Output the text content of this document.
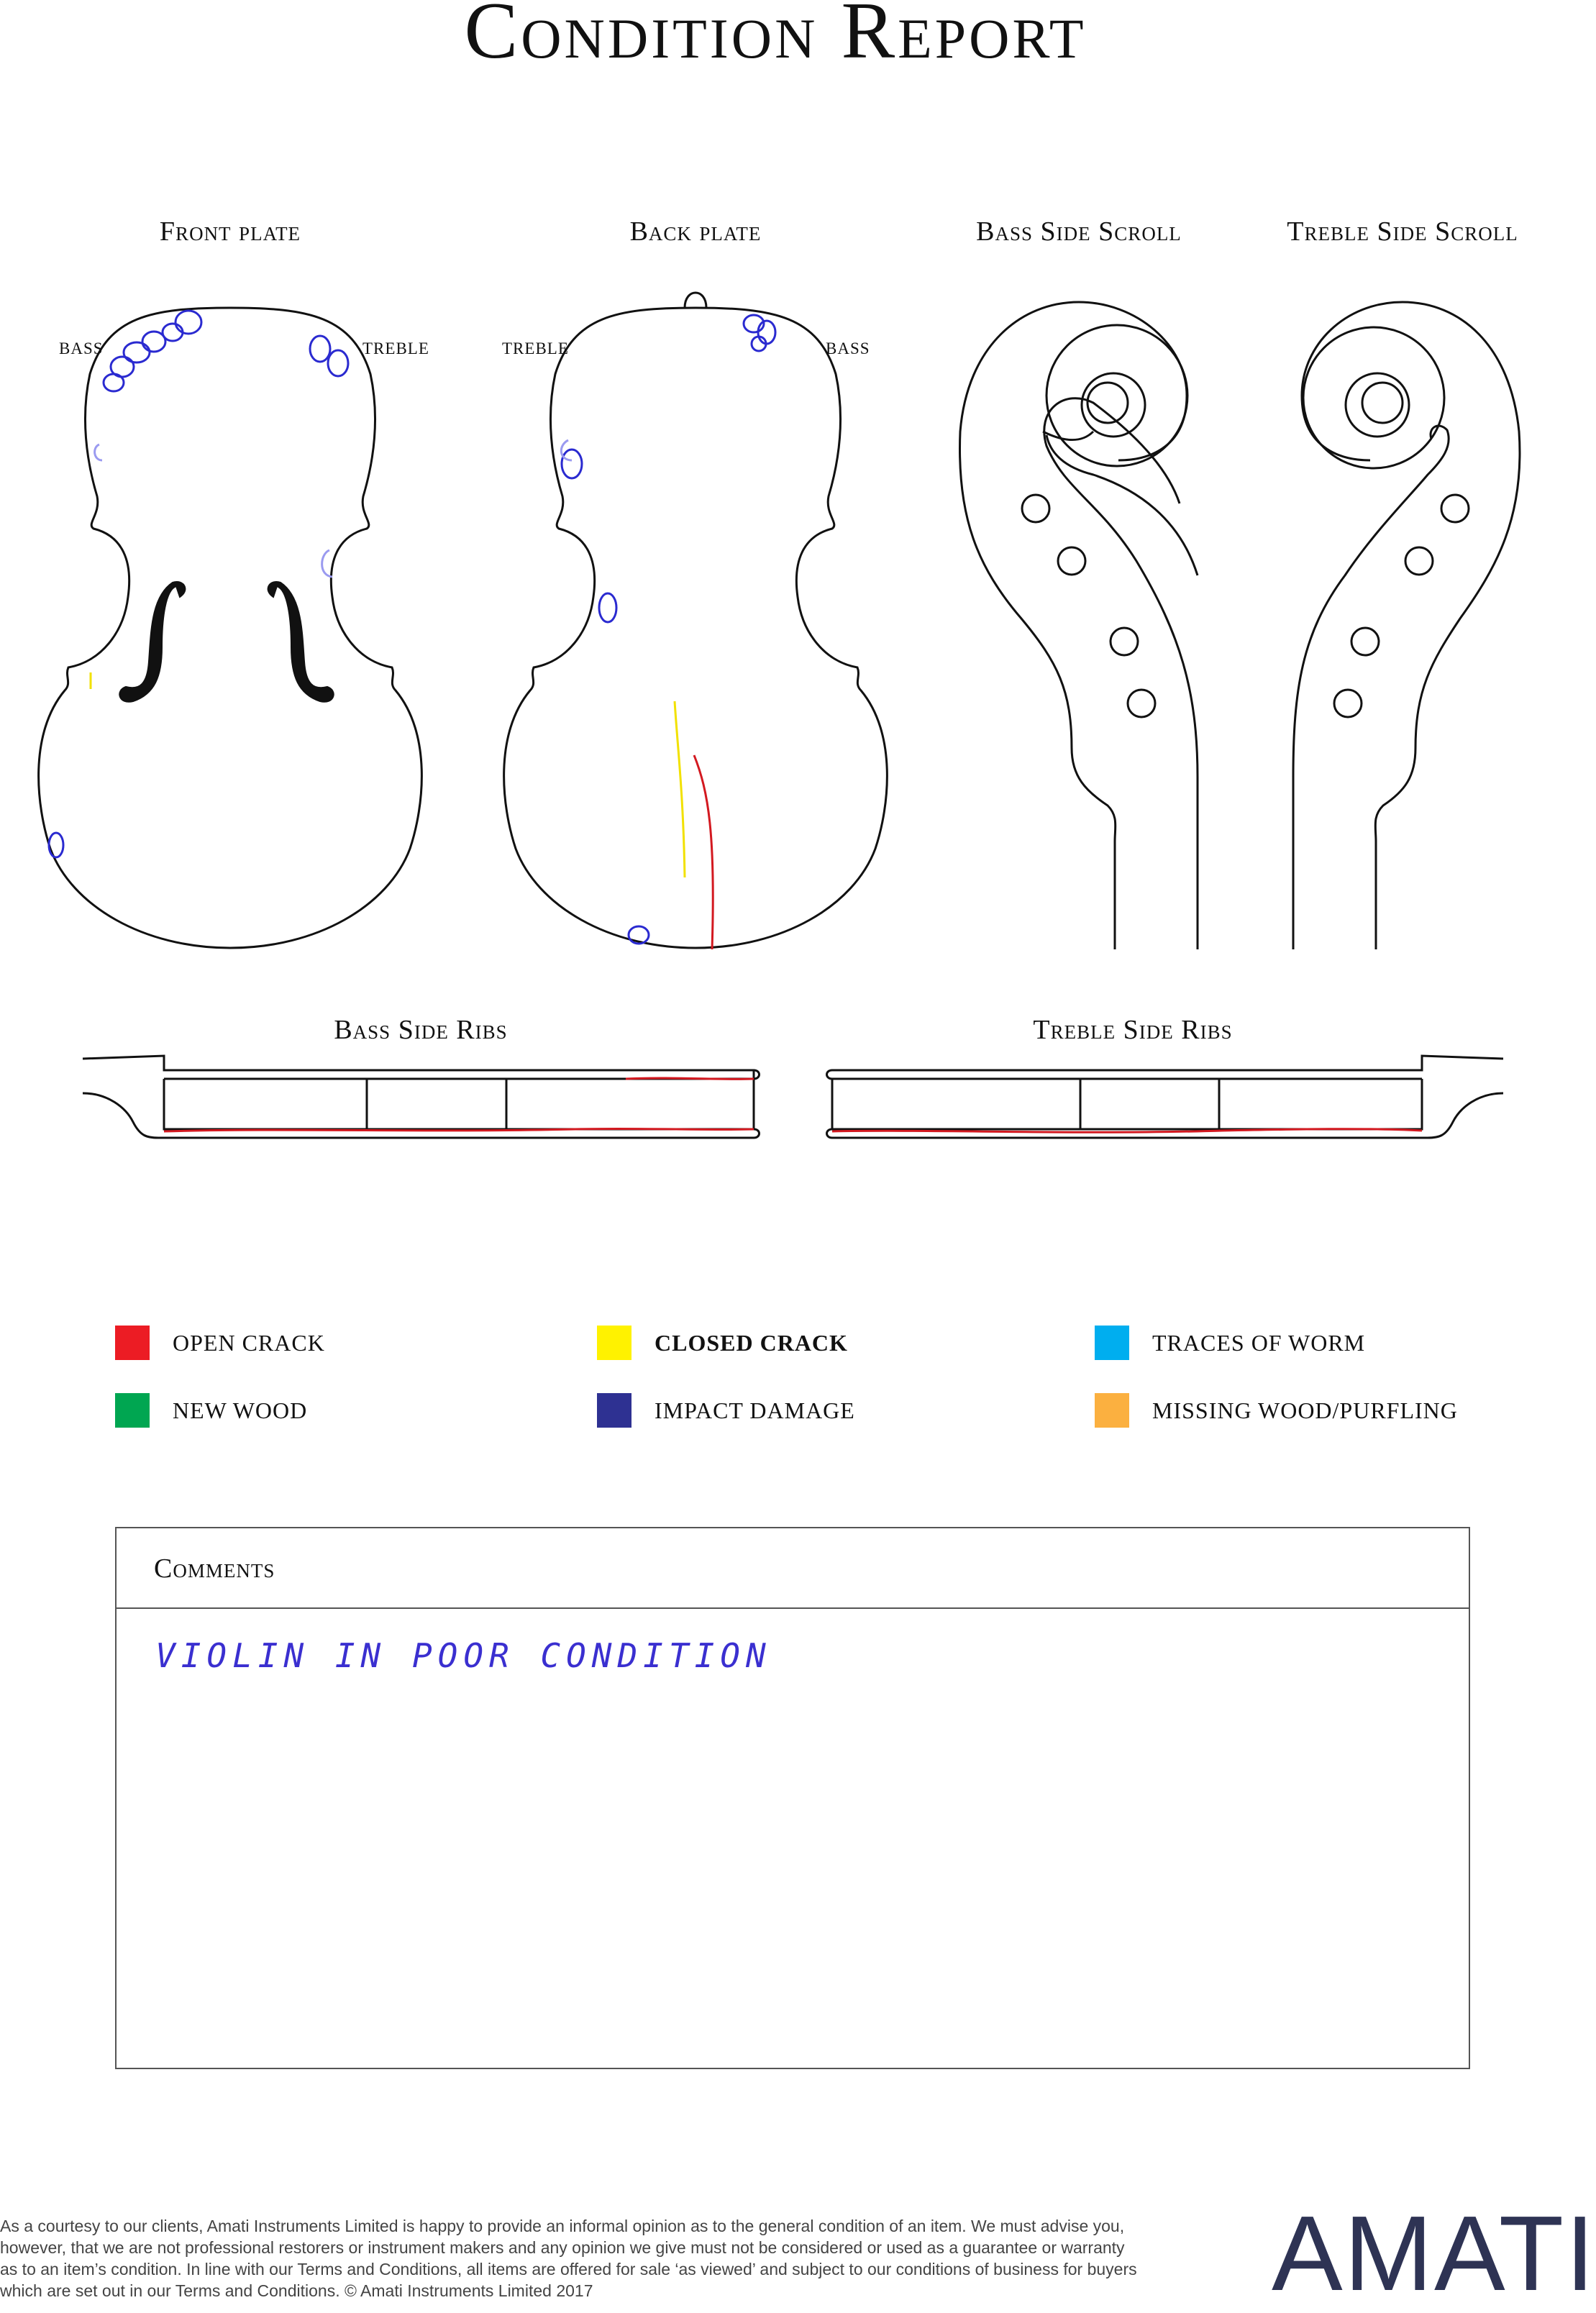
Condition Report
Front plate	Back plate	Bass Side Scroll	Treble Side Scroll
Bass Side Ribs	Treble Side Ribs
BASS	TREBLE	TREBLE	BASS
OPEN CRACK	CLOSED CRACK	TRACES OF WORM
NEW WOOD	IMPACT DAMAGE	MISSING WOOD/PURFLING
Comments
VIOLIN IN POOR CONDITION
As a courtesy to our clients, Amati Instruments Limited is happy to provide an informal opinion as to the general condition of an item. We must advise you, however, that we are not professional restorers or instrument makers and any opinion we give must not be considered or used as a guarantee or warranty as to an item’s condition. In line with our Terms and Conditions, all items are offered for sale ‘as viewed’ and subject to our conditions of business for buyers which are set out in our Terms and Conditions. © Amati Instruments Limited 2017	AMATI
